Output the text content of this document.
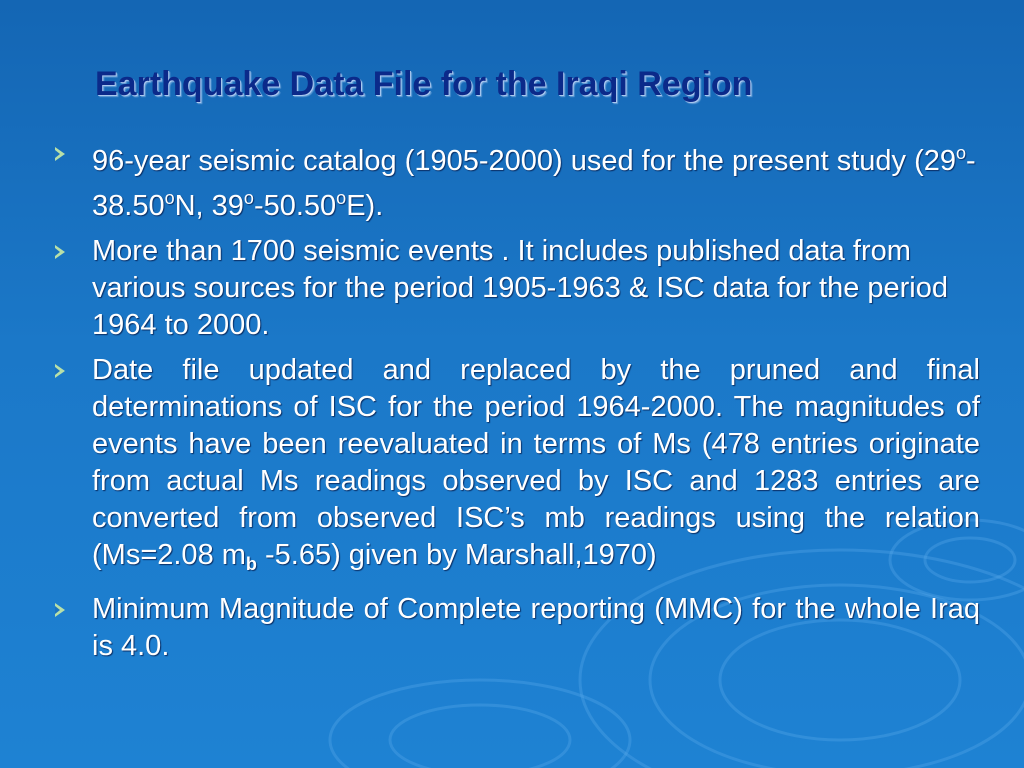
Earthquake Data File for the Iraqi Region
96-year seismic catalog (1905-2000) used for the present study (29$^o$-38.50$^o$N, 39$^o$-50.50$^o$E).
More than 1700 seismic events . It includes published data from various sources for the period 1905-1963 & ISC data for the period 1964 to 2000.
Date file updated and replaced by the pruned and final determinations of ISC for the period 1964-2000. The magnitudes of events have been reevaluated in terms of Ms (478 entries originate from actual Ms readings observed by ISC and 1283 entries are converted from observed ISC’s mb readings using the relation (Ms=2.08 $m_b$ -5.65) given by Marshall,1970)
Minimum Magnitude of Complete reporting (MMC) for the whole Iraq is 4.0.
